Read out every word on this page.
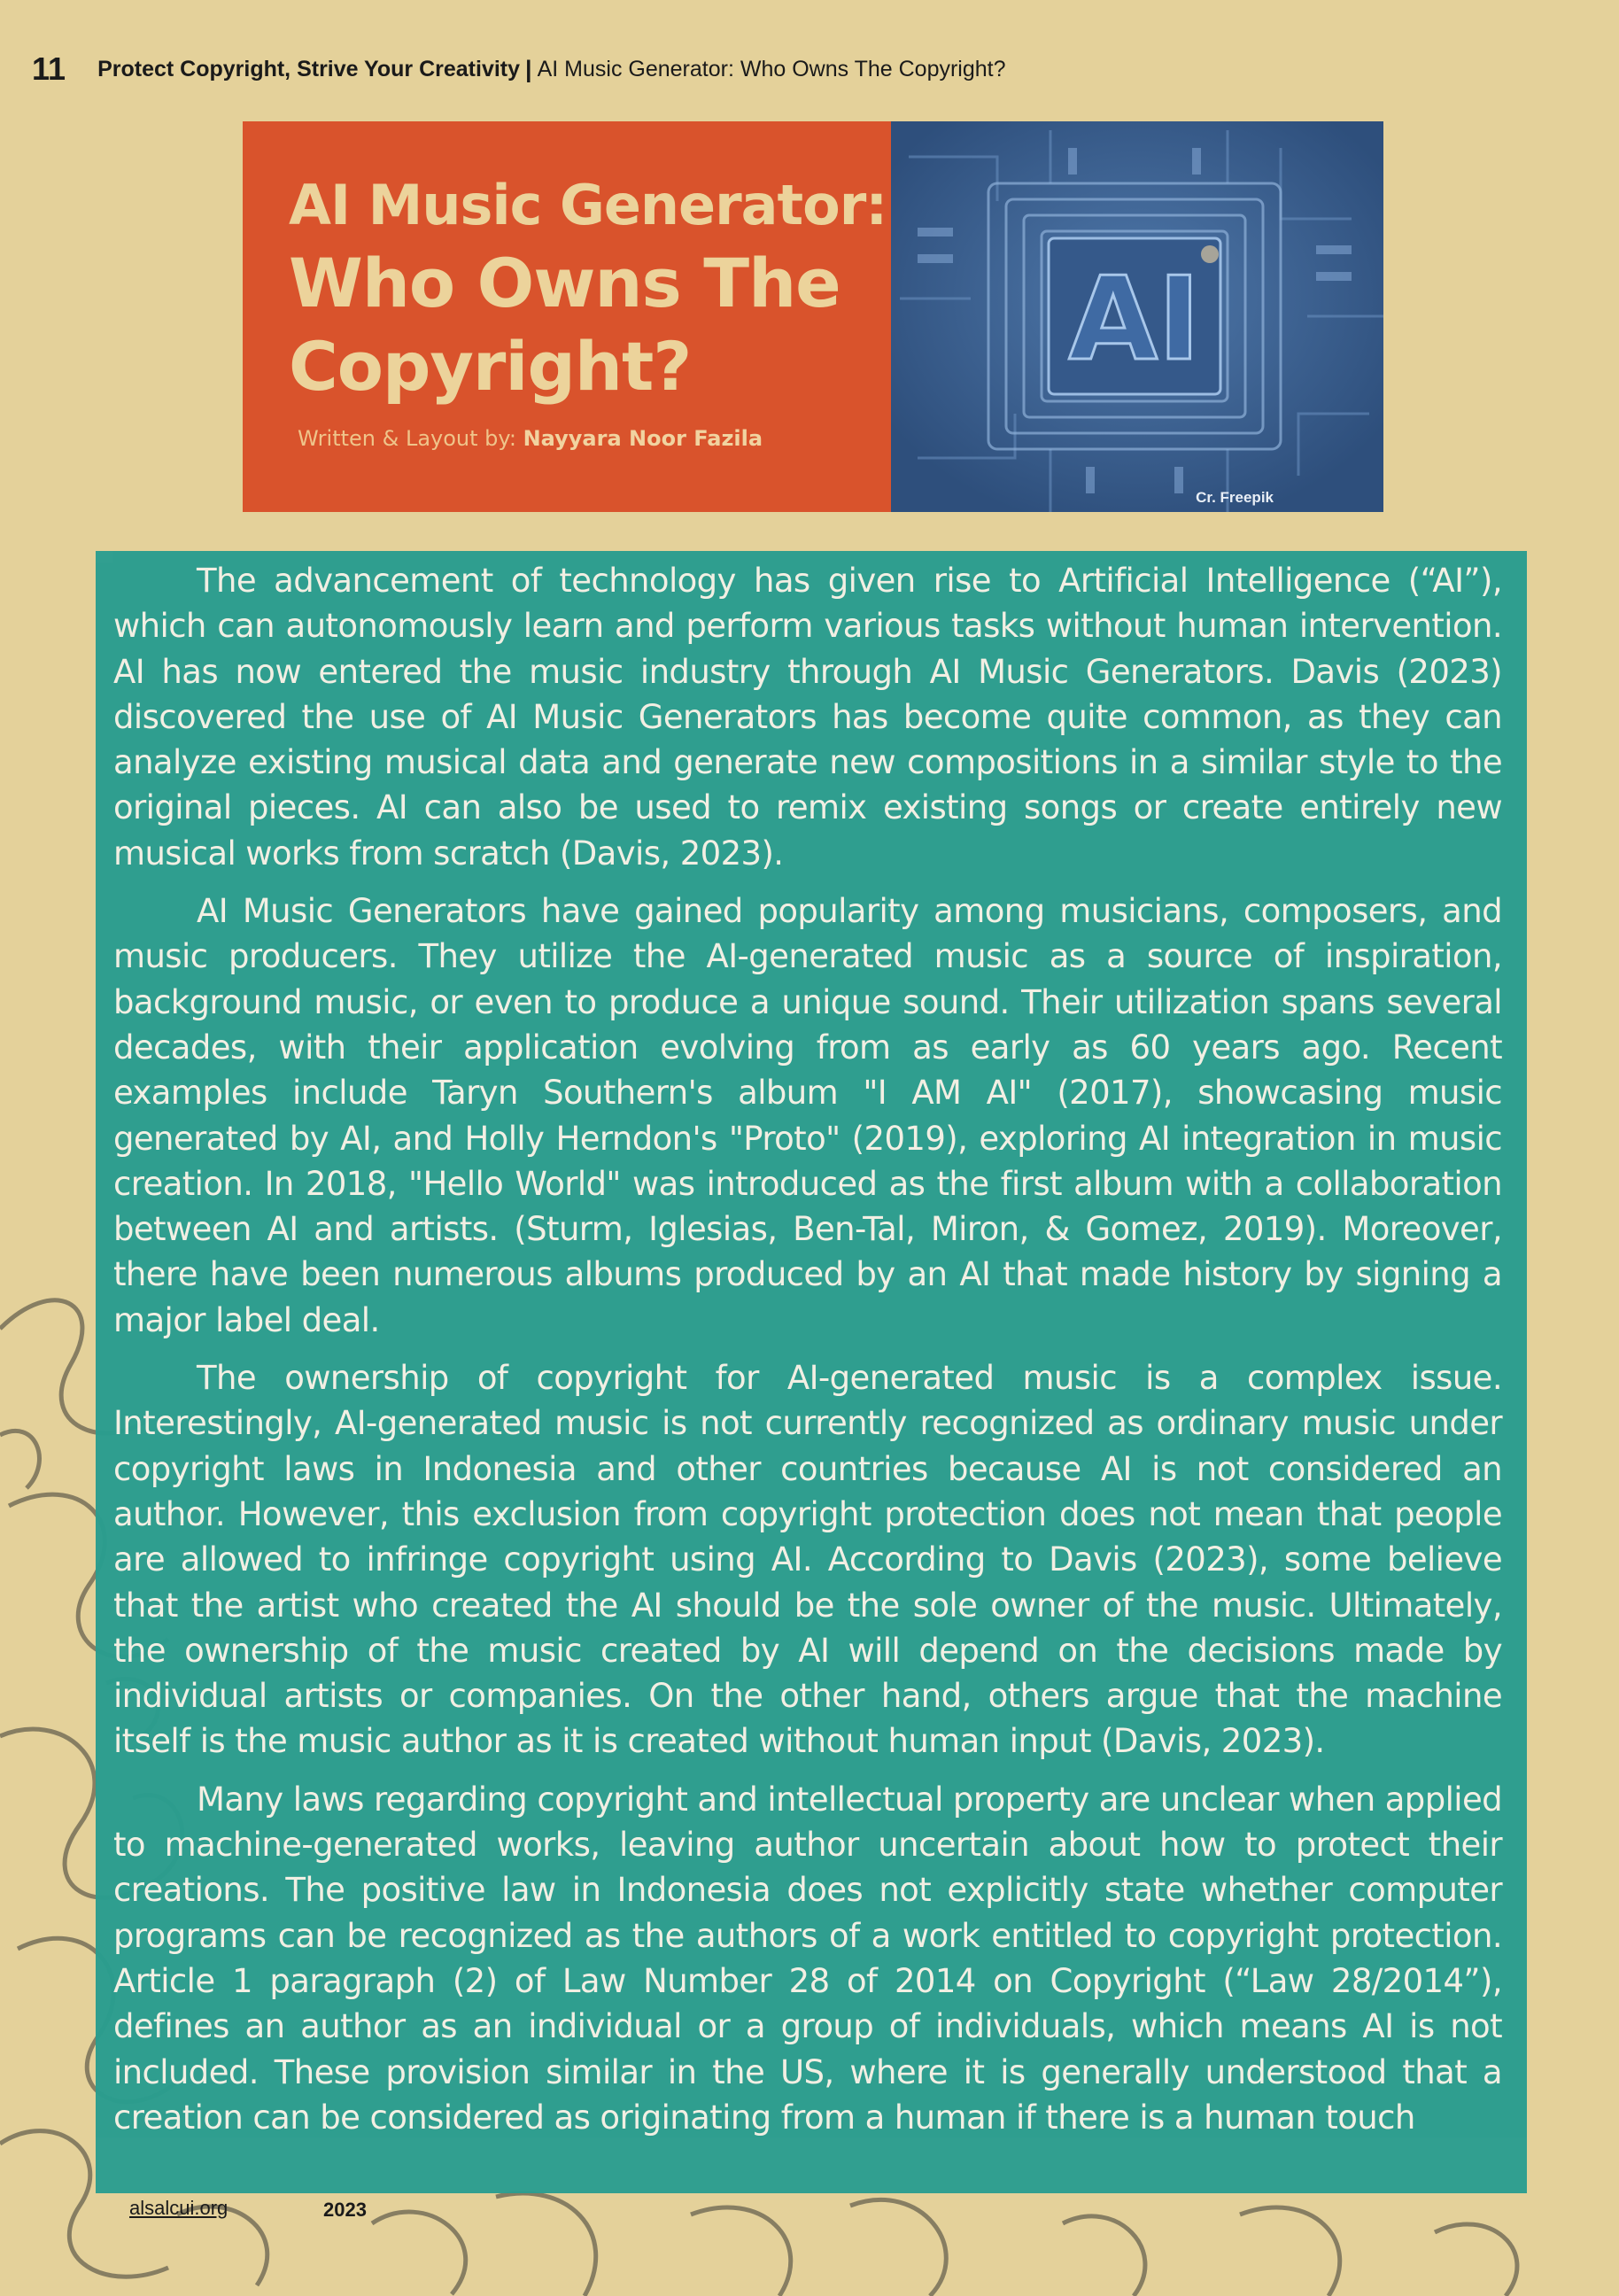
11 Protect Copyright, Strive Your Creativity | AI Music Generator: Who Owns The Copyright?
AI Music Generator:
Who Owns The
Copyright?
Written & Layout by: Nayyara Noor Fazila
AI
Cr. Freepik

The advancement of technology has given rise to Artificial Intelligence (“AI”), which can autonomously learn and perform various tasks without human intervention. AI has now entered the music industry through AI Music Generators. Davis (2023) discovered the use of AI Music Generators has become quite common, as they can analyze existing musical data and generate new compositions in a similar style to the original pieces. AI can also be used to remix existing songs or create entirely new musical works from scratch (Davis, 2023).

AI Music Generators have gained popularity among musicians, composers, and music producers. They utilize the AI-generated music as a source of inspiration, background music, or even to produce a unique sound. Their utilization spans several decades, with their application evolving from as early as 60 years ago. Recent examples include Taryn Southern's album "I AM AI" (2017), showcasing music generated by AI, and Holly Herndon's "Proto" (2019), exploring AI integration in music creation. In 2018, "Hello World" was introduced as the first album with a collaboration between AI and artists. (Sturm, Iglesias, Ben-Tal, Miron, & Gomez, 2019). Moreover, there have been numerous albums produced by an AI that made history by signing a major label deal.

The ownership of copyright for AI-generated music is a complex issue. Interestingly, AI-generated music is not currently recognized as ordinary music under copyright laws in Indonesia and other countries because AI is not considered an author. However, this exclusion from copyright protection does not mean that people are allowed to infringe copyright using AI. According to Davis (2023), some believe that the artist who created the AI should be the sole owner of the music. Ultimately, the ownership of the music created by AI will depend on the decisions made by individual artists or companies. On the other hand, others argue that the machine itself is the music author as it is created without human input (Davis, 2023).

Many laws regarding copyright and intellectual property are unclear when applied to machine-generated works, leaving author uncertain about how to protect their creations. The positive law in Indonesia does not explicitly state whether computer programs can be recognized as the authors of a work entitled to copyright protection. Article 1 paragraph (2) of Law Number 28 of 2014 on Copyright (“Law 28/2014”), defines an author as an individual or a group of individuals, which means AI is not included. These provision similar in the US, where it is generally understood that a creation can be considered as originating from a human if there is a human touch

alsalcui.org	2023
